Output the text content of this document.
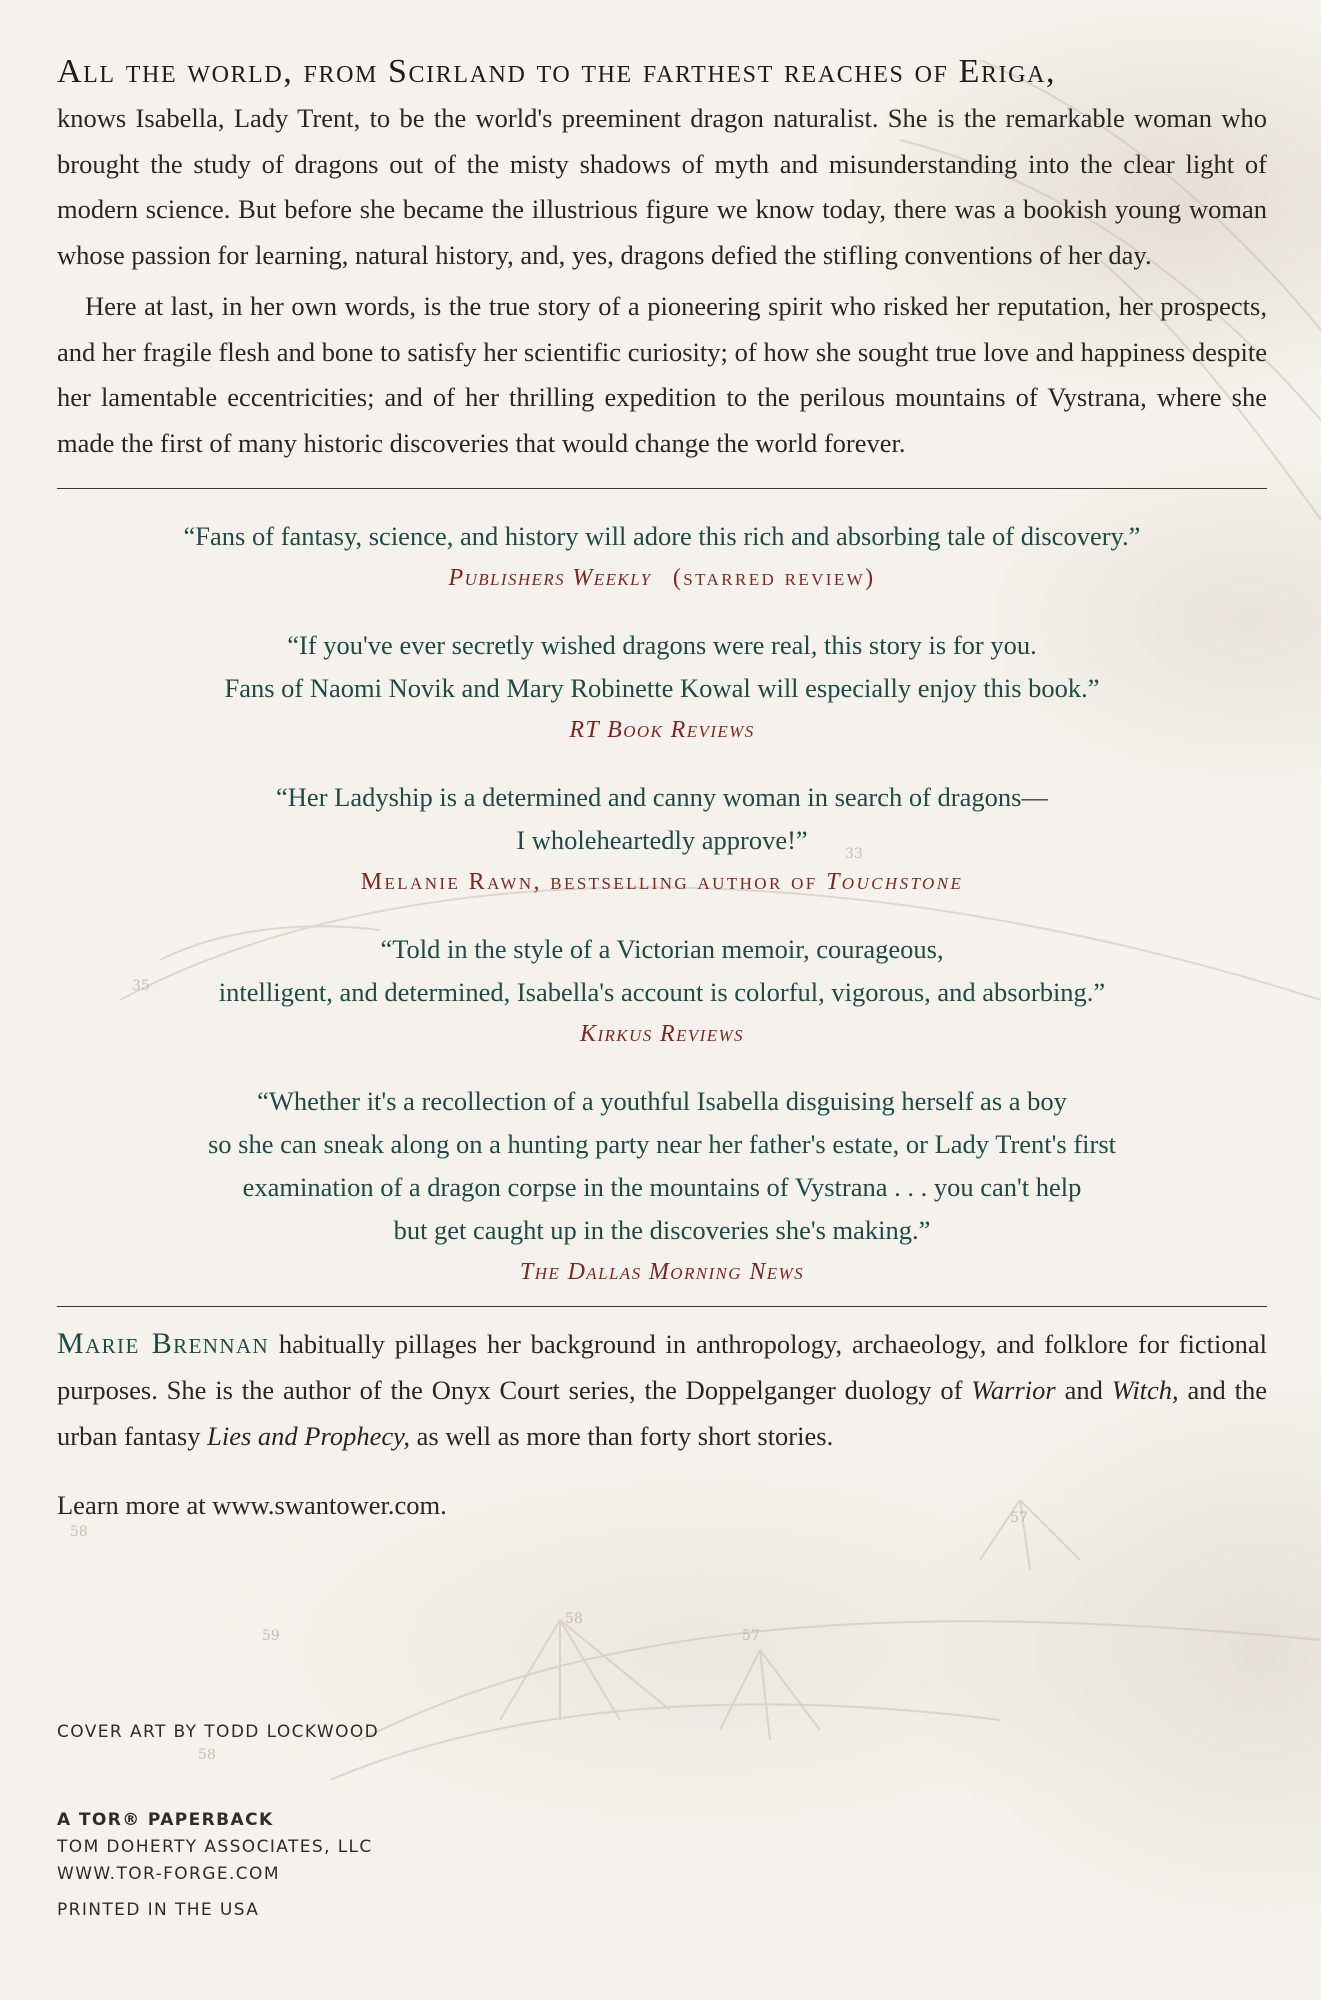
33
35
58
57
59
58
58
57
All the world, from Scirland to the farthest reaches of Eriga,

knows Isabella, Lady Trent, to be the world's preeminent dragon naturalist. She is the remarkable woman who brought the study of dragons out of the misty shadows of myth and misunderstanding into the clear light of modern science. But before she became the illustrious figure we know today, there was a bookish young woman whose passion for learning, natural history, and, yes, dragons defied the stifling conventions of her day.

Here at last, in her own words, is the true story of a pioneering spirit who risked her reputation, her prospects, and her fragile flesh and bone to satisfy her scientific curiosity; of how she sought true love and happiness despite her lamentable eccentricities; and of her thrilling expedition to the perilous mountains of Vystrana, where she made the first of many historic discoveries that would change the world forever.

“Fans of fantasy, science, and history will adore this rich and absorbing tale of discovery.”
Publishers Weekly (starred review)
“If you've ever secretly wished dragons were real, this story is for you.
Fans of Naomi Novik and Mary Robinette Kowal will especially enjoy this book.”
RT Book Reviews
“Her Ladyship is a determined and canny woman in search of dragons—
I wholeheartedly approve!”
Melanie Rawn, bestselling author of Touchstone
“Told in the style of a Victorian memoir, courageous,
intelligent, and determined, Isabella's account is colorful, vigorous, and absorbing.”
Kirkus Reviews
“Whether it's a recollection of a youthful Isabella disguising herself as a boy
so she can sneak along on a hunting party near her father's estate, or Lady Trent's first
examination of a dragon corpse in the mountains of Vystrana . . . you can't help
but get caught up in the discoveries she's making.”
The Dallas Morning News

Marie Brennan habitually pillages her background in anthropology, archaeology, and folklore for fictional purposes. She is the author of the Onyx Court series, the Doppelganger duology of Warrior and Witch, and the urban fantasy Lies and Prophecy, as well as more than forty short stories.

Learn more at www.swantower.com.

COVER ART BY TODD LOCKWOOD
A TOR® PAPERBACK
TOM DOHERTY ASSOCIATES, LLC
WWW.TOR-FORGE.COM
PRINTED IN THE USA
